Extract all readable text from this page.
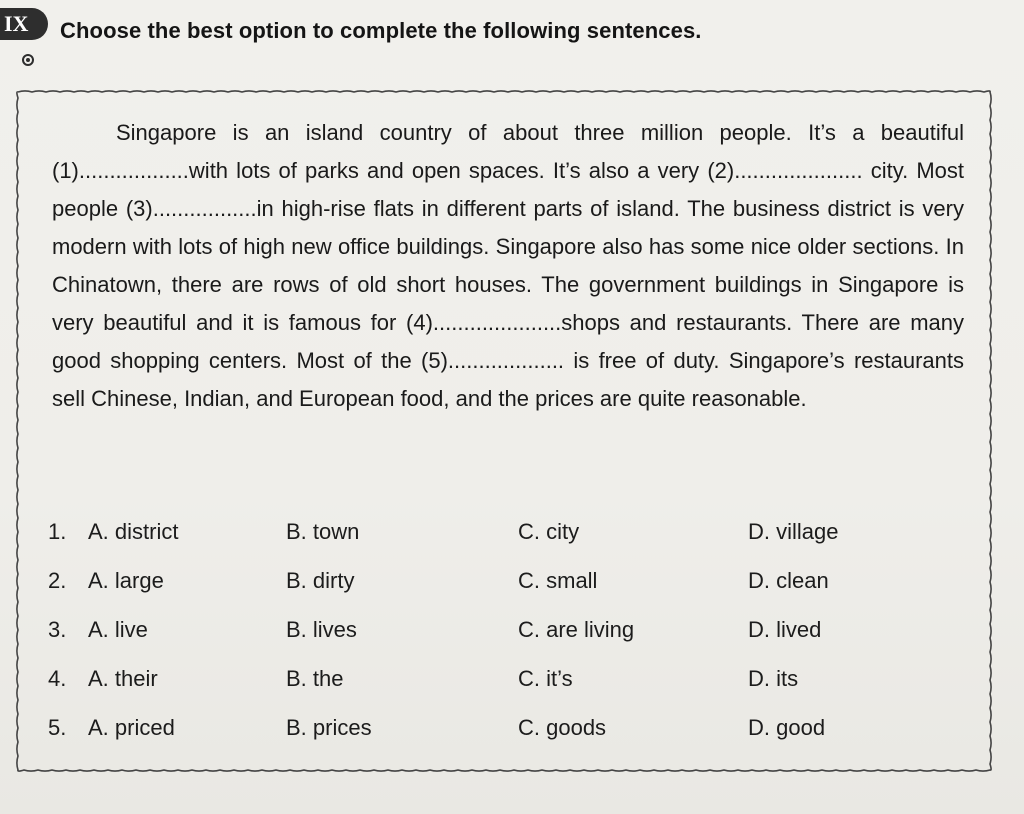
IX	Choose the best option to complete the following sentences.

Singapore is an island country of about three million people. It’s a beautiful (1)..................with lots of parks and open spaces. It’s also a very (2)..................... city. Most people (3).................in high-rise flats in different parts of island. The business district is very modern with lots of high new office buildings. Singapore also has some nice older sections. In Chinatown, there are rows of old short houses. The government buildings in Singapore is very beautiful and it is famous for (4).....................shops and restaurants. There are many good shopping centers. Most of the (5)................... is free of duty. Singapore’s restaurants sell Chinese, Indian, and European food, and the prices are quite reasonable.

1. A. district	B. town	C. city	D. village
2. A. large	B. dirty	C. small	D. clean
3. A. live	B. lives	C. are living	D. lived
4. A. their	B. the	C. it’s	D. its
5. A. priced	B. prices	C. goods	D. good
